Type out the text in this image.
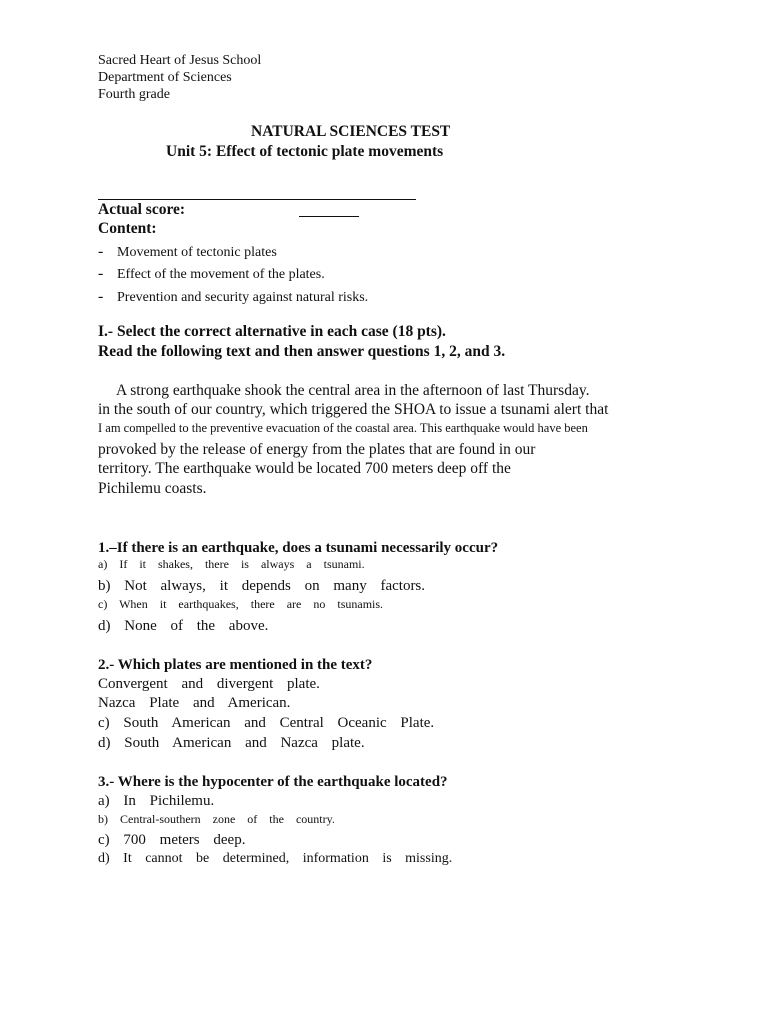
Sacred Heart of Jesus School
Department of Sciences
Fourth grade
NATURAL SCIENCES TEST
Unit 5: Effect of tectonic plate movements
Actual score:
Content:
- Movement of tectonic plates
- Effect of the movement of the plates.
- Prevention and security against natural risks.
I.- Select the correct alternative in each case (18 pts).
Read the following text and then answer questions 1, 2, and 3.
A strong earthquake shook the central area in the afternoon of last Thursday.
in the south of our country, which triggered the SHOA to issue a tsunami alert that
I am compelled to the preventive evacuation of the coastal area. This earthquake would have been
provoked by the release of energy from the plates that are found in our
territory. The earthquake would be located 700 meters deep off the
Pichilemu coasts.
1.–If there is an earthquake, does a tsunami necessarily occur?
a) If it shakes, there is always a tsunami.
b) Not always, it depends on many factors.
c) When it earthquakes, there are no tsunamis.
d) None of the above.
2.- Which plates are mentioned in the text?
Convergent and divergent plate.
Nazca Plate and American.
c) South American and Central Oceanic Plate.
d) South American and Nazca plate.
3.- Where is the hypocenter of the earthquake located?
a) In Pichilemu.
b) Central-southern zone of the country.
c) 700 meters deep.
d) It cannot be determined, information is missing.
